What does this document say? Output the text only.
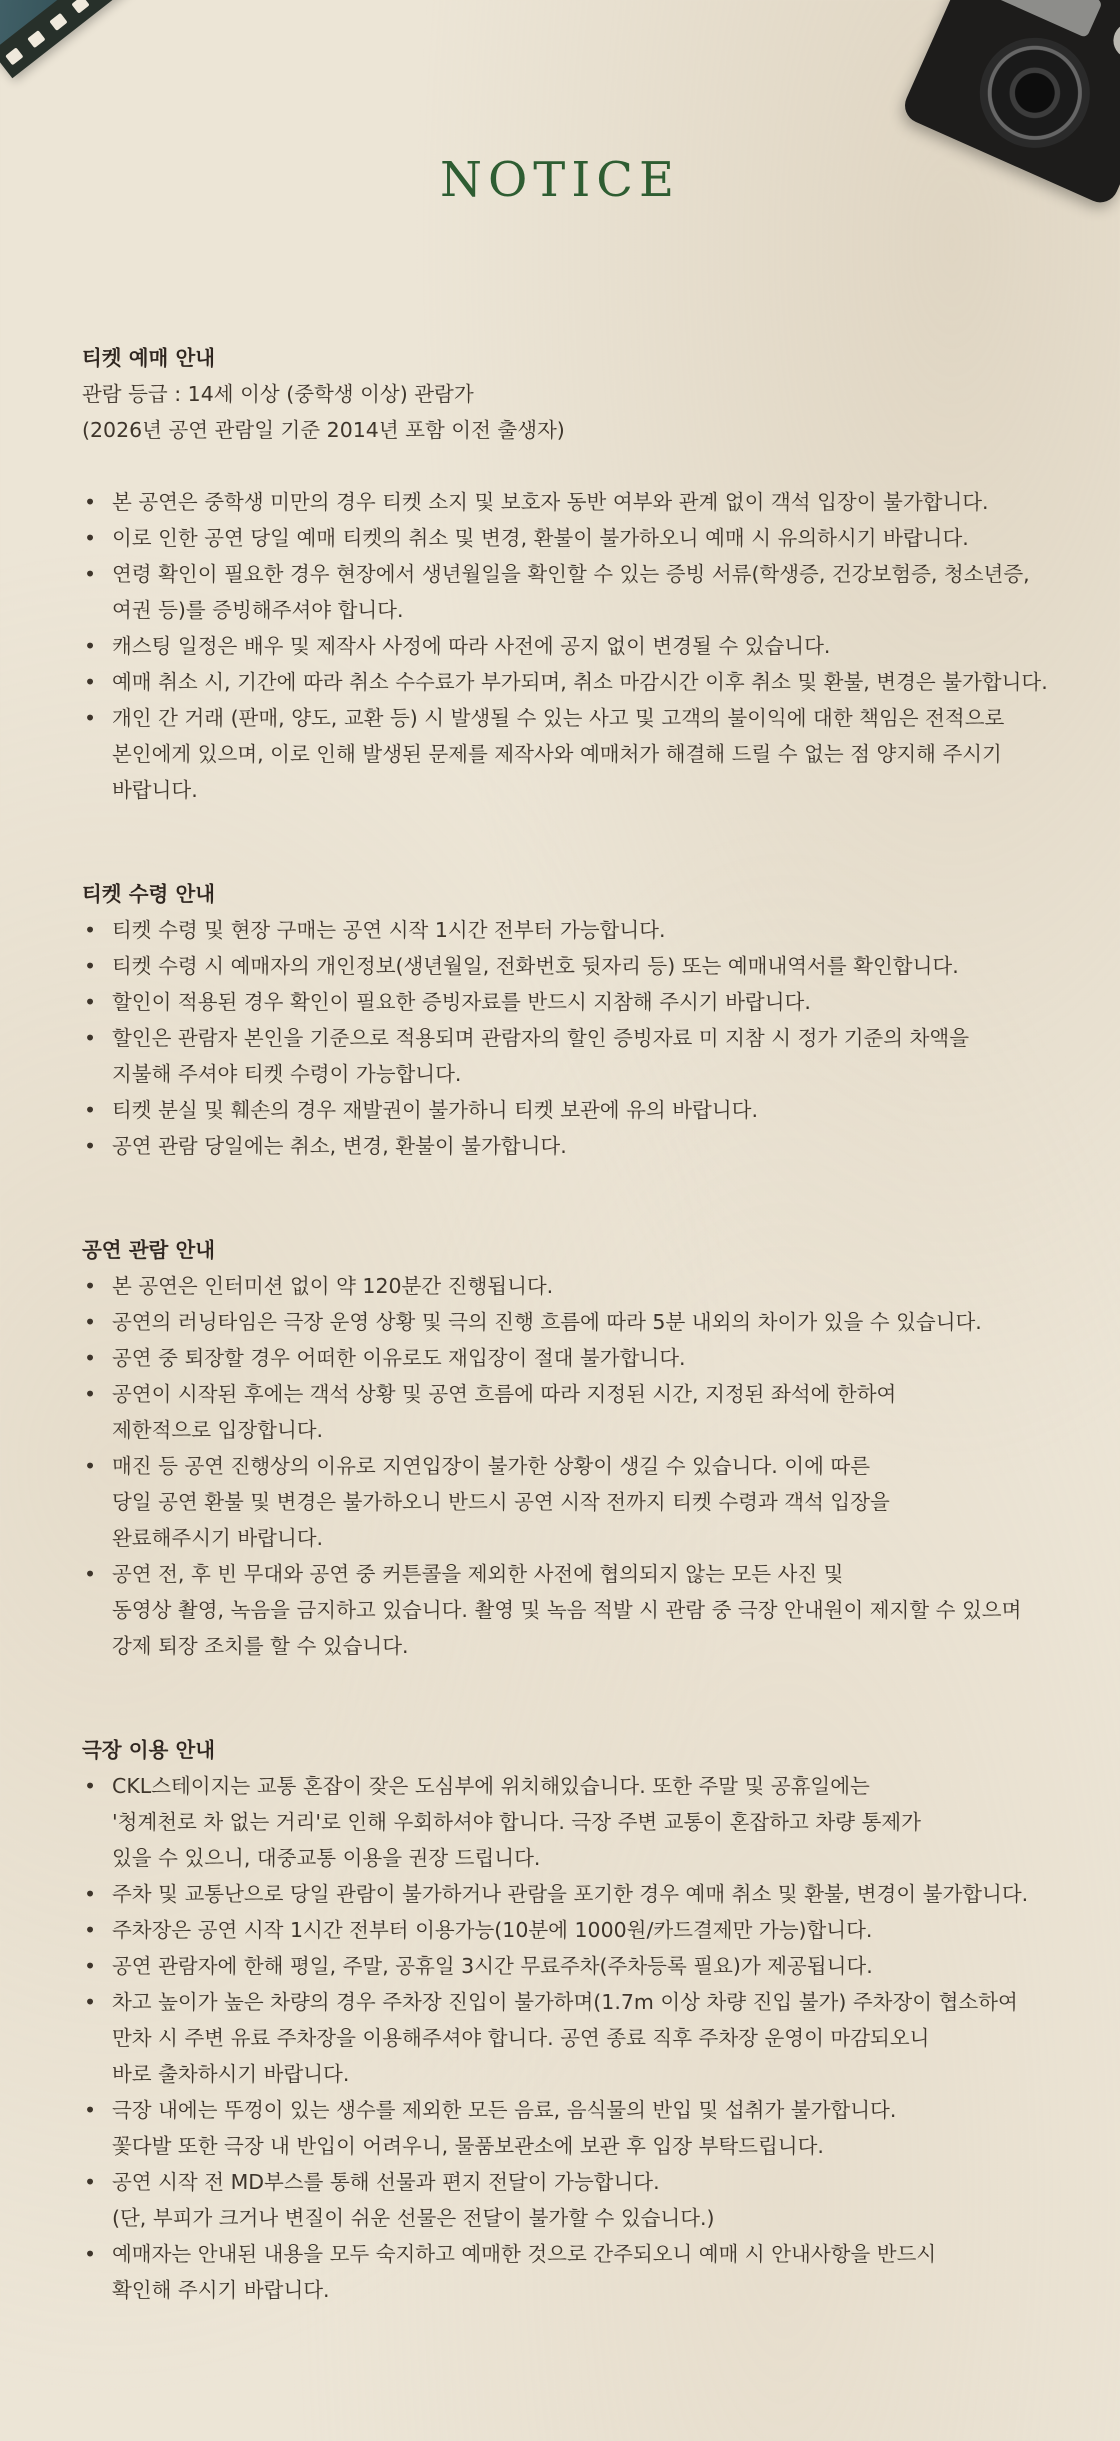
NOTICE

티켓 예매 안내

관람 등급 : 14세 이상 (중학생 이상) 관람가

(2026년 공연 관람일 기준 2014년 포함 이전 출생자)

• 본 공연은 중학생 미만의 경우 티켓 소지 및 보호자 동반 여부와 관계 없이 객석 입장이 불가합니다.
• 이로 인한 공연 당일 예매 티켓의 취소 및 변경, 환불이 불가하오니 예매 시 유의하시기 바랍니다.
• 연령 확인이 필요한 경우 현장에서 생년월일을 확인할 수 있는 증빙 서류(학생증, 건강보험증, 청소년증,
여권 등)를 증빙해주셔야 합니다.
• 캐스팅 일정은 배우 및 제작사 사정에 따라 사전에 공지 없이 변경될 수 있습니다.
• 예매 취소 시, 기간에 따라 취소 수수료가 부가되며, 취소 마감시간 이후 취소 및 환불, 변경은 불가합니다.
• 개인 간 거래 (판매, 양도, 교환 등) 시 발생될 수 있는 사고 및 고객의 불이익에 대한 책임은 전적으로
본인에게 있으며, 이로 인해 발생된 문제를 제작사와 예매처가 해결해 드릴 수 없는 점 양지해 주시기
바랍니다.

티켓 수령 안내

• 티켓 수령 및 현장 구매는 공연 시작 1시간 전부터 가능합니다.
• 티켓 수령 시 예매자의 개인정보(생년월일, 전화번호 뒷자리 등) 또는 예매내역서를 확인합니다.
• 할인이 적용된 경우 확인이 필요한 증빙자료를 반드시 지참해 주시기 바랍니다.
• 할인은 관람자 본인을 기준으로 적용되며 관람자의 할인 증빙자료 미 지참 시 정가 기준의 차액을
지불해 주셔야 티켓 수령이 가능합니다.
• 티켓 분실 및 훼손의 경우 재발권이 불가하니 티켓 보관에 유의 바랍니다.
• 공연 관람 당일에는 취소, 변경, 환불이 불가합니다.

공연 관람 안내

• 본 공연은 인터미션 없이 약 120분간 진행됩니다.
• 공연의 러닝타임은 극장 운영 상황 및 극의 진행 흐름에 따라 5분 내외의 차이가 있을 수 있습니다.
• 공연 중 퇴장할 경우 어떠한 이유로도 재입장이 절대 불가합니다.
• 공연이 시작된 후에는 객석 상황 및 공연 흐름에 따라 지정된 시간, 지정된 좌석에 한하여
제한적으로 입장합니다.
• 매진 등 공연 진행상의 이유로 지연입장이 불가한 상황이 생길 수 있습니다. 이에 따른
당일 공연 환불 및 변경은 불가하오니 반드시 공연 시작 전까지 티켓 수령과 객석 입장을
완료해주시기 바랍니다.
• 공연 전, 후 빈 무대와 공연 중 커튼콜을 제외한 사전에 협의되지 않는 모든 사진 및
동영상 촬영, 녹음을 금지하고 있습니다. 촬영 및 녹음 적발 시 관람 중 극장 안내원이 제지할 수 있으며
강제 퇴장 조치를 할 수 있습니다.

극장 이용 안내

• CKL스테이지는 교통 혼잡이 잦은 도심부에 위치해있습니다. 또한 주말 및 공휴일에는
'청계천로 차 없는 거리'로 인해 우회하셔야 합니다. 극장 주변 교통이 혼잡하고 차량 통제가
있을 수 있으니, 대중교통 이용을 권장 드립니다.
• 주차 및 교통난으로 당일 관람이 불가하거나 관람을 포기한 경우 예매 취소 및 환불, 변경이 불가합니다.
• 주차장은 공연 시작 1시간 전부터 이용가능(10분에 1000원/카드결제만 가능)합니다.
• 공연 관람자에 한해 평일, 주말, 공휴일 3시간 무료주차(주차등록 필요)가 제공됩니다.
• 차고 높이가 높은 차량의 경우 주차장 진입이 불가하며(1.7m 이상 차량 진입 불가) 주차장이 협소하여
만차 시 주변 유료 주차장을 이용해주셔야 합니다. 공연 종료 직후 주차장 운영이 마감되오니
바로 출차하시기 바랍니다.
• 극장 내에는 뚜껑이 있는 생수를 제외한 모든 음료, 음식물의 반입 및 섭취가 불가합니다.
꽃다발 또한 극장 내 반입이 어려우니, 물품보관소에 보관 후 입장 부탁드립니다.
• 공연 시작 전 MD부스를 통해 선물과 편지 전달이 가능합니다.
(단, 부피가 크거나 변질이 쉬운 선물은 전달이 불가할 수 있습니다.)
• 예매자는 안내된 내용을 모두 숙지하고 예매한 것으로 간주되오니 예매 시 안내사항을 반드시
확인해 주시기 바랍니다.
